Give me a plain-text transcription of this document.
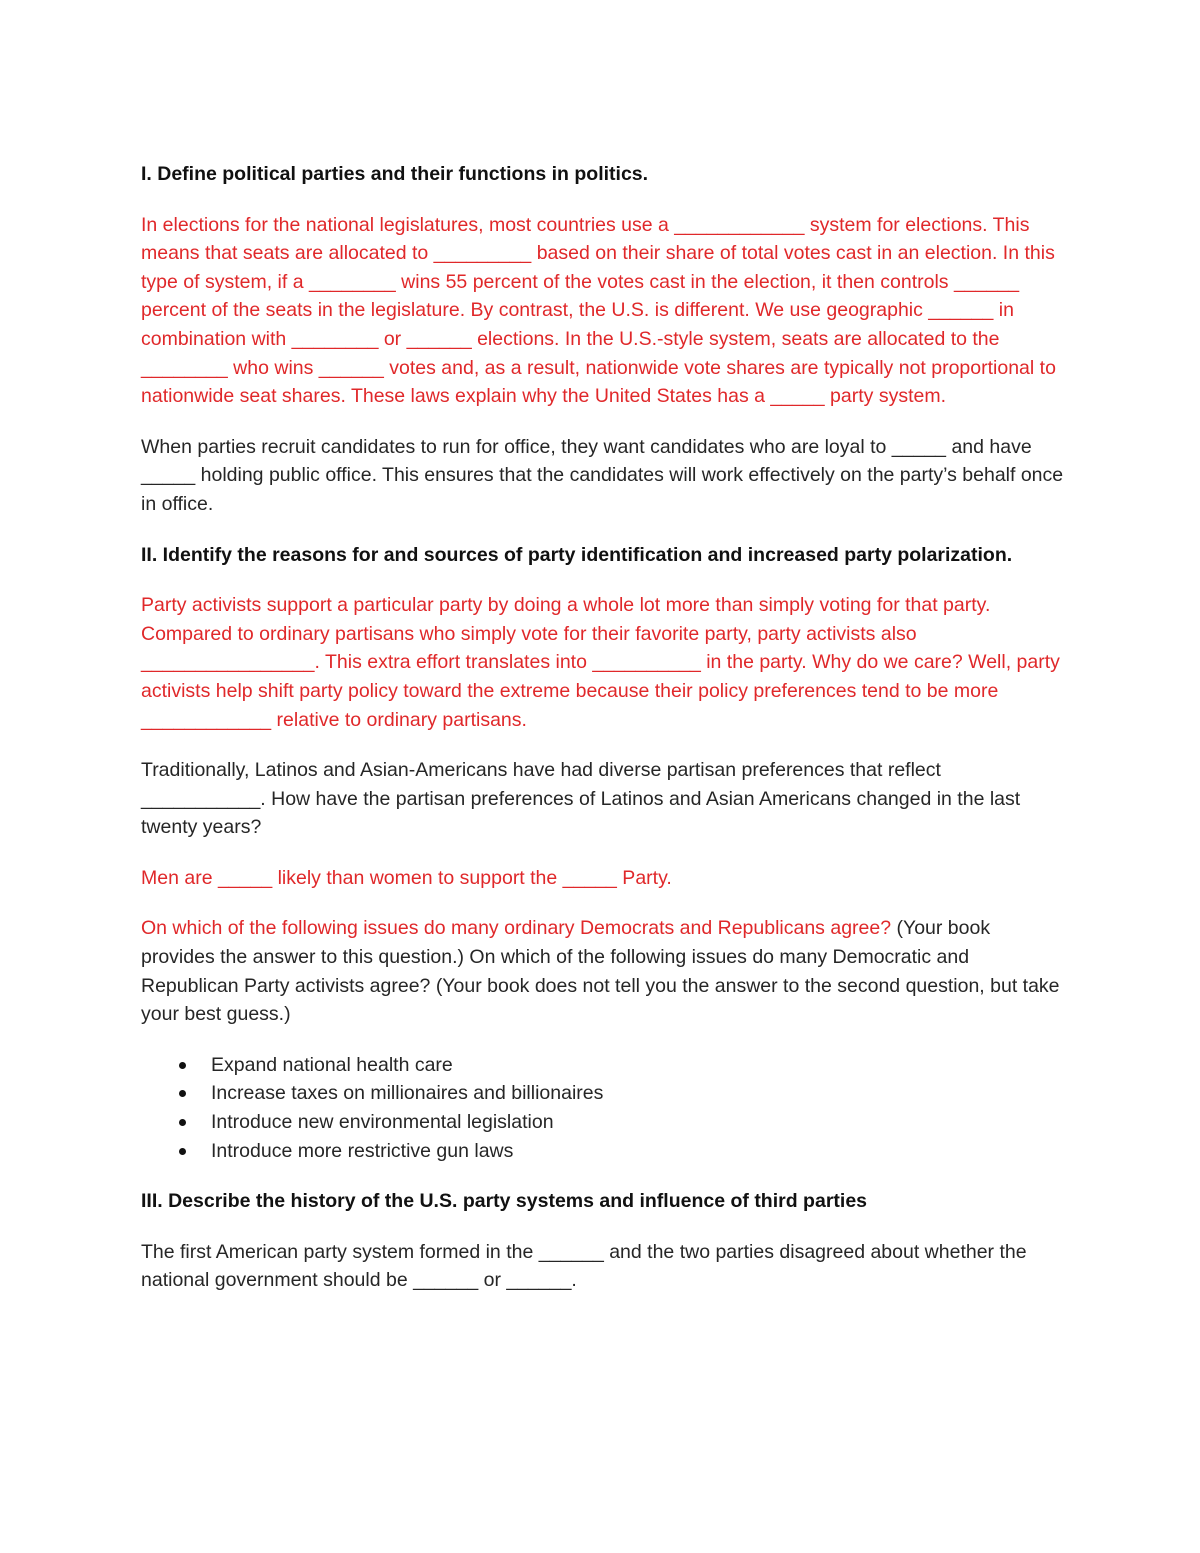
I. Define political parties and their functions in politics.

In elections for the national legislatures, most countries use a ____________ system for elections. This means that seats are allocated to _________ based on their share of total votes cast in an election. In this type of system, if a ________ wins 55 percent of the votes cast in the election, it then controls ______ percent of the seats in the legislature. By contrast, the U.S. is different. We use geographic ______ in combination with ________ or ______ elections. In the U.S.-style system, seats are allocated to the ________ who wins ______ votes and, as a result, nationwide vote shares are typically not proportional to nationwide seat shares. These laws explain why the United States has a _____ party system.

When parties recruit candidates to run for office, they want candidates who are loyal to _____ and have _____ holding public office. This ensures that the candidates will work effectively on the party’s behalf once in office.

II. Identify the reasons for and sources of party identification and increased party polarization.

Party activists support a particular party by doing a whole lot more than simply voting for that party. Compared to ordinary partisans who simply vote for their favorite party, party activists also ________________. This extra effort translates into __________ in the party. Why do we care? Well, party activists help shift party policy toward the extreme because their policy preferences tend to be more ____________ relative to ordinary partisans.

Traditionally, Latinos and Asian-Americans have had diverse partisan preferences that reflect ___________. How have the partisan preferences of Latinos and Asian Americans changed in the last twenty years?

Men are _____ likely than women to support the _____ Party.

On which of the following issues do many ordinary Democrats and Republicans agree? (Your book provides the answer to this question.) On which of the following issues do many Democratic and Republican Party activists agree? (Your book does not tell you the answer to the second question, but take your best guess.)

Expand national health care
Increase taxes on millionaires and billionaires
Introduce new environmental legislation
Introduce more restrictive gun laws

III. Describe the history of the U.S. party systems and influence of third parties

The first American party system formed in the ______ and the two parties disagreed about whether the national government should be ______ or ______.
